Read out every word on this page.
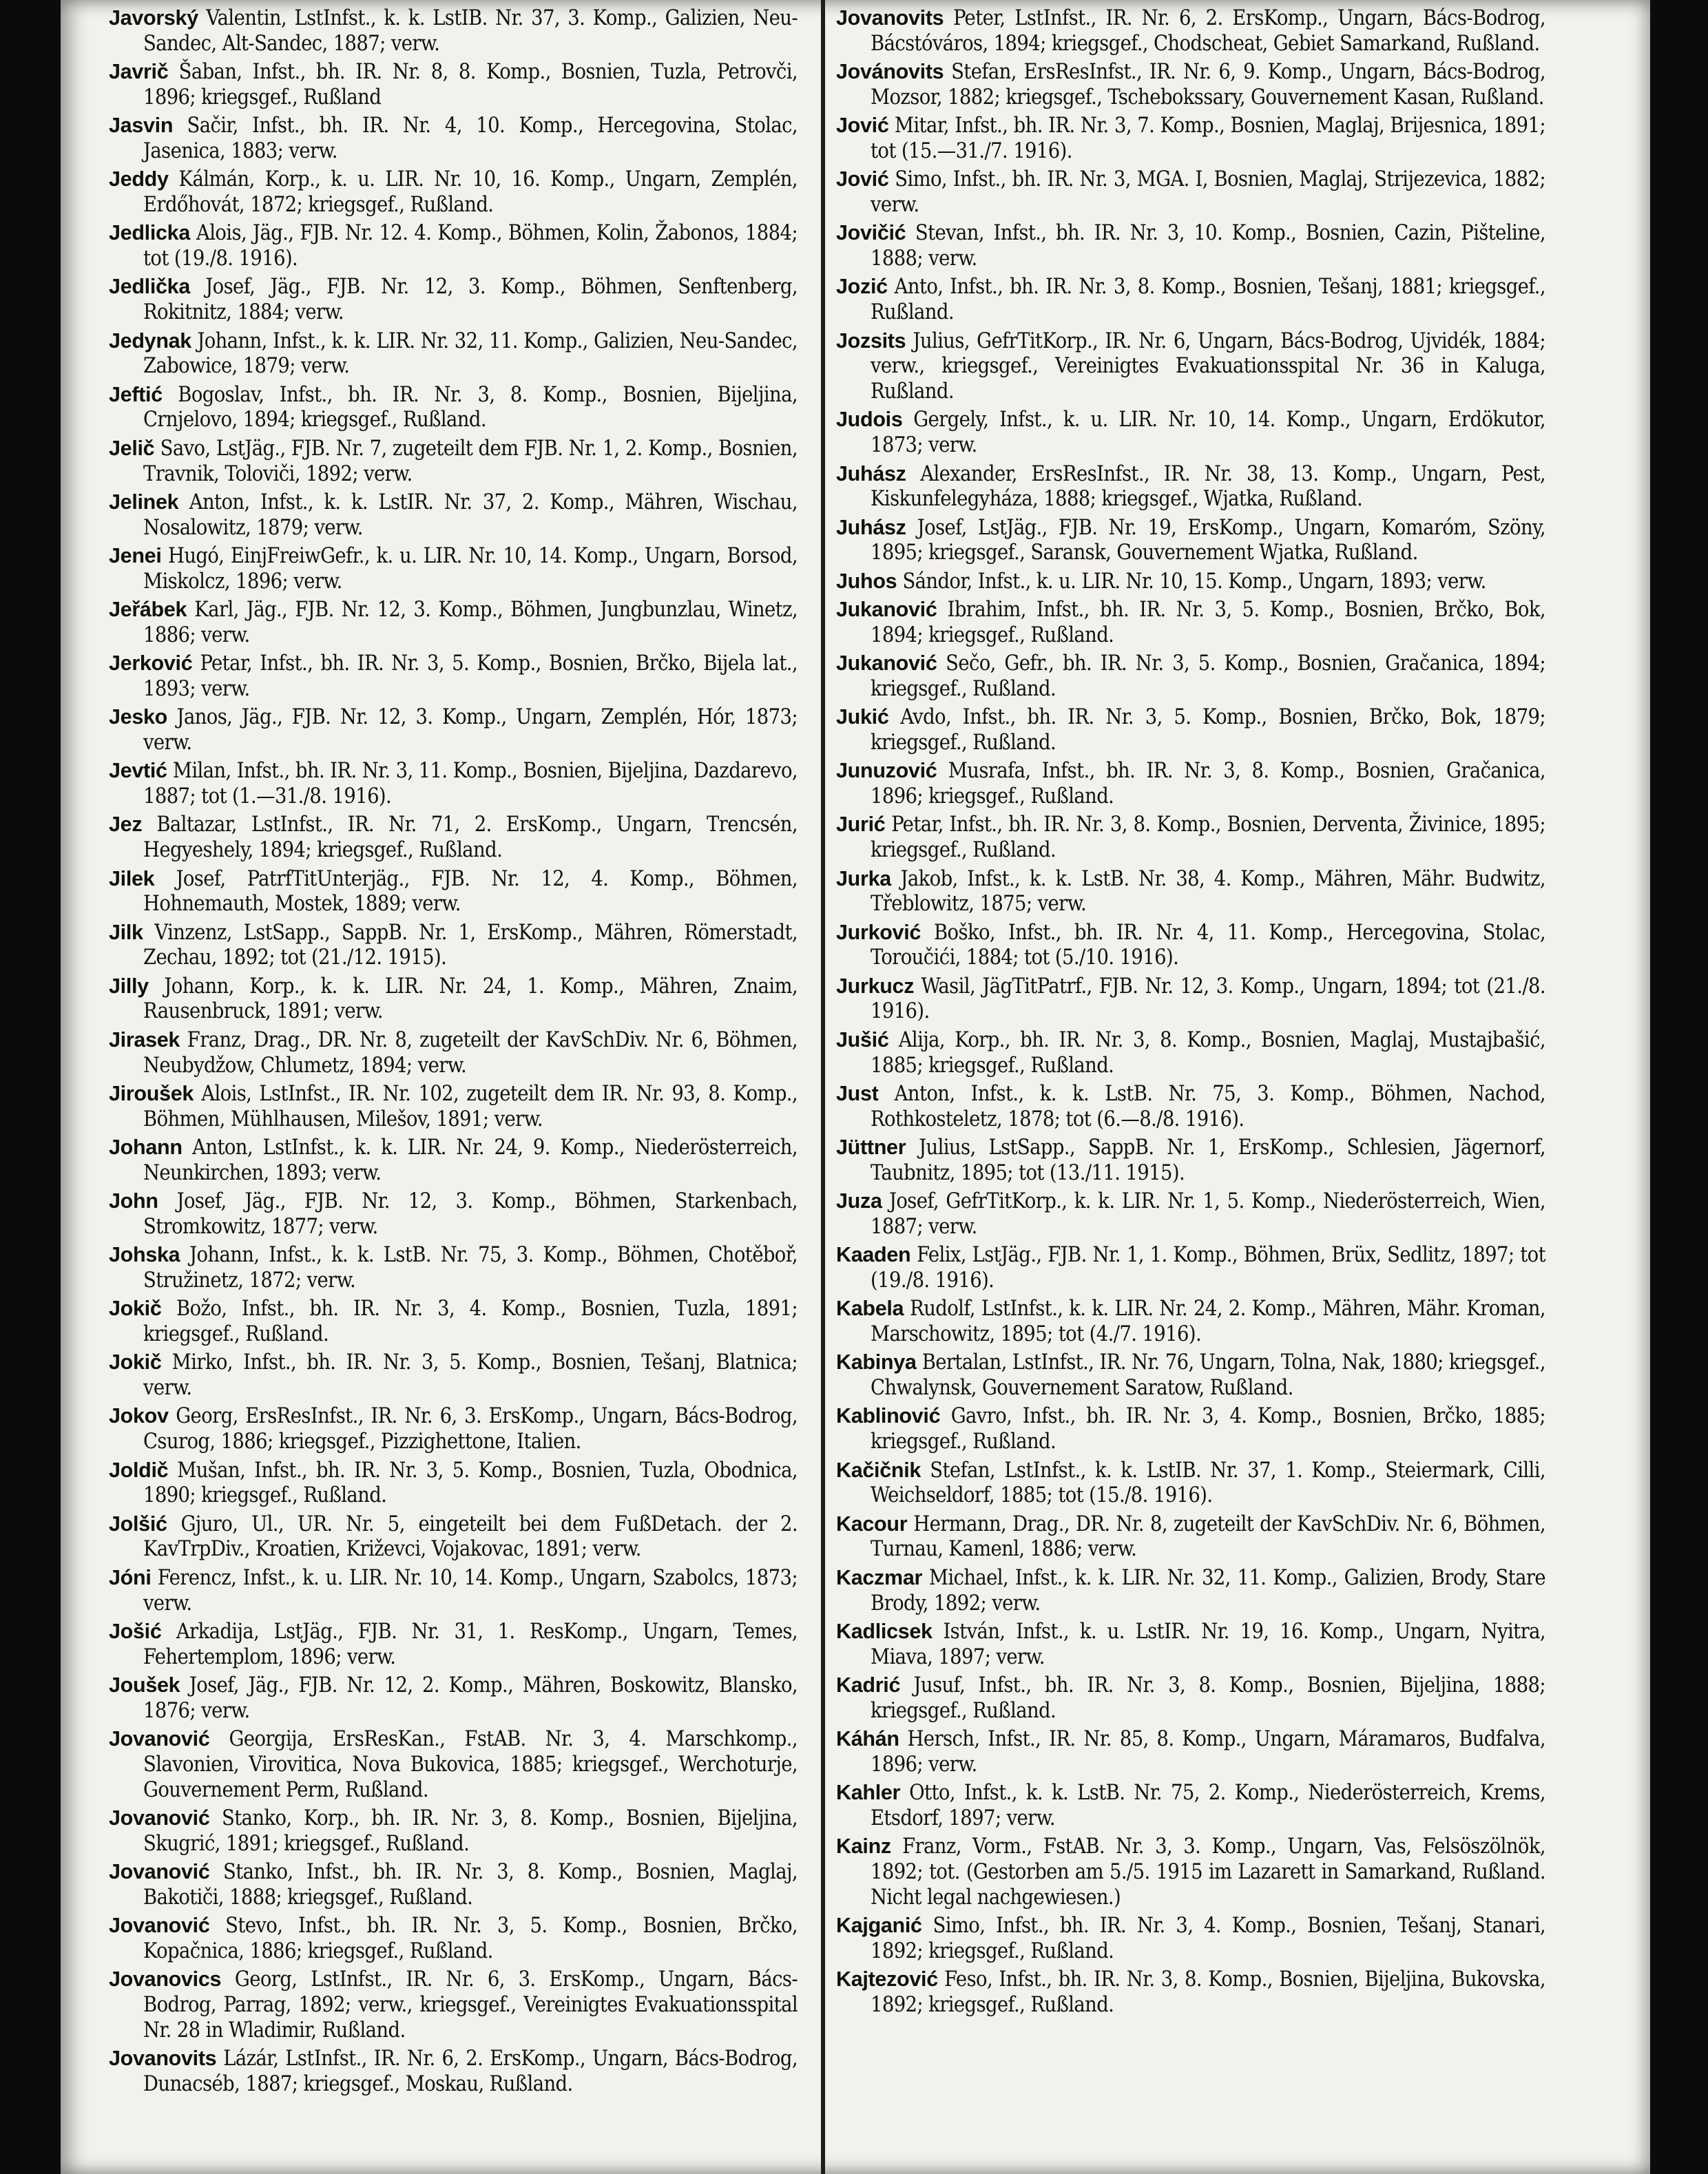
Javorský Valentin, LstInfst., k. k. LstIB. Nr. 37, 3. Komp., Galizien, Neu-Sandec, Alt-Sandec, 1887; verw.

Javrič Šaban, Infst., bh. IR. Nr. 8, 8. Komp., Bosnien, Tuzla, Petrovči, 1896; kriegsgef., Rußland

Jasvin Sačir, Infst., bh. IR. Nr. 4, 10. Komp., Hercegovina, Stolac, Jasenica, 1883; verw.

Jeddy Kálmán, Korp., k. u. LIR. Nr. 10, 16. Komp., Ungarn, Zemplén, Erdőhovát, 1872; kriegsgef., Rußland.

Jedlicka Alois, Jäg., FJB. Nr. 12. 4. Komp., Böhmen, Kolin, Žabonos, 1884; tot (19./8. 1916).

Jedlička Josef, Jäg., FJB. Nr. 12, 3. Komp., Böhmen, Senftenberg, Rokitnitz, 1884; verw.

Jedynak Johann, Infst., k. k. LIR. Nr. 32, 11. Komp., Galizien, Neu-Sandec, Zabowice, 1879; verw.

Jeftić Bogoslav, Infst., bh. IR. Nr. 3, 8. Komp., Bosnien, Bijeljina, Crnjelovo, 1894; kriegsgef., Rußland.

Jelič Savo, LstJäg., FJB. Nr. 7, zugeteilt dem FJB. Nr. 1, 2. Komp., Bosnien, Travnik, Toloviči, 1892; verw.

Jelinek Anton, Infst., k. k. LstIR. Nr. 37, 2. Komp., Mähren, Wischau, Nosalowitz, 1879; verw.

Jenei Hugó, EinjFreiwGefr., k. u. LIR. Nr. 10, 14. Komp., Ungarn, Borsod, Miskolcz, 1896; verw.

Jeřábek Karl, Jäg., FJB. Nr. 12, 3. Komp., Böhmen, Jungbunzlau, Winetz, 1886; verw.

Jerković Petar, Infst., bh. IR. Nr. 3, 5. Komp., Bosnien, Brčko, Bijela lat., 1893; verw.

Jesko Janos, Jäg., FJB. Nr. 12, 3. Komp., Ungarn, Zemplén, Hór, 1873; verw.

Jevtić Milan, Infst., bh. IR. Nr. 3, 11. Komp., Bosnien, Bijeljina, Dazdarevo, 1887; tot (1.—31./8. 1916).

Jez Baltazar, LstInfst., IR. Nr. 71, 2. ErsKomp., Ungarn, Trencsén, Hegyeshely, 1894; kriegsgef., Rußland.

Jilek Josef, PatrfTitUnterjäg., FJB. Nr. 12, 4. Komp., Böhmen, Hohnemauth, Mostek, 1889; verw.

Jilk Vinzenz, LstSapp., SappB. Nr. 1, ErsKomp., Mähren, Römerstadt, Zechau, 1892; tot (21./12. 1915).

Jilly Johann, Korp., k. k. LIR. Nr. 24, 1. Komp., Mähren, Znaim, Rausenbruck, 1891; verw.

Jirasek Franz, Drag., DR. Nr. 8, zugeteilt der KavSchDiv. Nr. 6, Böhmen, Neubydžow, Chlumetz, 1894; verw.

Jiroušek Alois, LstInfst., IR. Nr. 102, zugeteilt dem IR. Nr. 93, 8. Komp., Böhmen, Mühlhausen, Milešov, 1891; verw.

Johann Anton, LstInfst., k. k. LIR. Nr. 24, 9. Komp., Niederösterreich, Neunkirchen, 1893; verw.

John Josef, Jäg., FJB. Nr. 12, 3. Komp., Böhmen, Starkenbach, Stromkowitz, 1877; verw.

Johska Johann, Infst., k. k. LstB. Nr. 75, 3. Komp., Böhmen, Chotěboř, Stružinetz, 1872; verw.

Jokič Božo, Infst., bh. IR. Nr. 3, 4. Komp., Bosnien, Tuzla, 1891; kriegsgef., Rußland.

Jokič Mirko, Infst., bh. IR. Nr. 3, 5. Komp., Bosnien, Tešanj, Blatnica; verw.

Jokov Georg, ErsResInfst., IR. Nr. 6, 3. ErsKomp., Ungarn, Bács-Bodrog, Csurog, 1886; kriegsgef., Pizzighettone, Italien.

Joldič Mušan, Infst., bh. IR. Nr. 3, 5. Komp., Bosnien, Tuzla, Obodnica, 1890; kriegsgef., Rußland.

Jolšić Gjuro, Ul., UR. Nr. 5, eingeteilt bei dem FußDetach. der 2. KavTrpDiv., Kroatien, Križevci, Vojakovac, 1891; verw.

Jóni Ferencz, Infst., k. u. LIR. Nr. 10, 14. Komp., Ungarn, Szabolcs, 1873; verw.

Jošić Arkadija, LstJäg., FJB. Nr. 31, 1. ResKomp., Ungarn, Temes, Fehertemplom, 1896; verw.

Joušek Josef, Jäg., FJB. Nr. 12, 2. Komp., Mähren, Boskowitz, Blansko, 1876; verw.

Jovanović Georgija, ErsResKan., FstAB. Nr. 3, 4. Marschkomp., Slavonien, Virovitica, Nova Bukovica, 1885; kriegsgef., Werchoturje, Gouvernement Perm, Rußland.

Jovanović Stanko, Korp., bh. IR. Nr. 3, 8. Komp., Bosnien, Bijeljina, Skugrić, 1891; kriegsgef., Rußland.

Jovanović Stanko, Infst., bh. IR. Nr. 3, 8. Komp., Bosnien, Maglaj, Bakotiči, 1888; kriegsgef., Rußland.

Jovanović Stevo, Infst., bh. IR. Nr. 3, 5. Komp., Bosnien, Brčko, Kopačnica, 1886; kriegsgef., Rußland.

Jovanovics Georg, LstInfst., IR. Nr. 6, 3. ErsKomp., Ungarn, Bács-Bodrog, Parrag, 1892; verw., kriegsgef., Vereinigtes Evakuationsspital Nr. 28 in Wladimir, Rußland.

Jovanovits Lázár, LstInfst., IR. Nr. 6, 2. ErsKomp., Ungarn, Bács-Bodrog, Dunacséb, 1887; kriegsgef., Moskau, Rußland.

Jovanovits Peter, LstInfst., IR. Nr. 6, 2. ErsKomp., Ungarn, Bács-Bodrog, Bácstóváros, 1894; kriegsgef., Chodscheat, Gebiet Samarkand, Rußland.

Jovánovits Stefan, ErsResInfst., IR. Nr. 6, 9. Komp., Ungarn, Bács-Bodrog, Mozsor, 1882; kriegsgef., Tschebokssary, Gouvernement Kasan, Rußland.

Jović Mitar, Infst., bh. IR. Nr. 3, 7. Komp., Bosnien, Maglaj, Brijesnica, 1891; tot (15.—31./7. 1916).

Jović Simo, Infst., bh. IR. Nr. 3, MGA. I, Bosnien, Maglaj, Strijezevica, 1882; verw.

Jovičić Stevan, Infst., bh. IR. Nr. 3, 10. Komp., Bosnien, Cazin, Pišteline, 1888; verw.

Jozić Anto, Infst., bh. IR. Nr. 3, 8. Komp., Bosnien, Tešanj, 1881; kriegsgef., Rußland.

Jozsits Julius, GefrTitKorp., IR. Nr. 6, Ungarn, Bács-Bodrog, Ujvidék, 1884; verw., kriegsgef., Vereinigtes Evakuationsspital Nr. 36 in Kaluga, Rußland.

Judois Gergely, Infst., k. u. LIR. Nr. 10, 14. Komp., Ungarn, Erdökutor, 1873; verw.

Juhász Alexander, ErsResInfst., IR. Nr. 38, 13. Komp., Ungarn, Pest, Kiskunfelegyháza, 1888; kriegsgef., Wjatka, Rußland.

Juhász Josef, LstJäg., FJB. Nr. 19, ErsKomp., Ungarn, Komaróm, Szöny, 1895; kriegsgef., Saransk, Gouvernement Wjatka, Rußland.

Juhos Sándor, Infst., k. u. LIR. Nr. 10, 15. Komp., Ungarn, 1893; verw.

Jukanović Ibrahim, Infst., bh. IR. Nr. 3, 5. Komp., Bosnien, Brčko, Bok, 1894; kriegsgef., Rußland.

Jukanović Sečo, Gefr., bh. IR. Nr. 3, 5. Komp., Bosnien, Gračanica, 1894; kriegsgef., Rußland.

Jukić Avdo, Infst., bh. IR. Nr. 3, 5. Komp., Bosnien, Brčko, Bok, 1879; kriegsgef., Rußland.

Junuzović Musrafa, Infst., bh. IR. Nr. 3, 8. Komp., Bosnien, Gračanica, 1896; kriegsgef., Rußland.

Jurić Petar, Infst., bh. IR. Nr. 3, 8. Komp., Bosnien, Derventa, Živinice, 1895; kriegsgef., Rußland.

Jurka Jakob, Infst., k. k. LstB. Nr. 38, 4. Komp., Mähren, Mähr. Budwitz, Třeblowitz, 1875; verw.

Jurković Boško, Infst., bh. IR. Nr. 4, 11. Komp., Hercegovina, Stolac, Toroučići, 1884; tot (5./10. 1916).

Jurkucz Wasil, JägTitPatrf., FJB. Nr. 12, 3. Komp., Ungarn, 1894; tot (21./8. 1916).

Jušić Alija, Korp., bh. IR. Nr. 3, 8. Komp., Bosnien, Maglaj, Mustajbašić, 1885; kriegsgef., Rußland.

Just Anton, Infst., k. k. LstB. Nr. 75, 3. Komp., Böhmen, Nachod, Rothkosteletz, 1878; tot (6.—8./8. 1916).

Jüttner Julius, LstSapp., SappB. Nr. 1, ErsKomp., Schlesien, Jägernorf, Taubnitz, 1895; tot (13./11. 1915).

Juza Josef, GefrTitKorp., k. k. LIR. Nr. 1, 5. Komp., Niederösterreich, Wien, 1887; verw.

Kaaden Felix, LstJäg., FJB. Nr. 1, 1. Komp., Böhmen, Brüx, Sedlitz, 1897; tot (19./8. 1916).

Kabela Rudolf, LstInfst., k. k. LIR. Nr. 24, 2. Komp., Mähren, Mähr. Kroman, Marschowitz, 1895; tot (4./7. 1916).

Kabinya Bertalan, LstInfst., IR. Nr. 76, Ungarn, Tolna, Nak, 1880; kriegsgef., Chwalynsk, Gouvernement Saratow, Rußland.

Kablinović Gavro, Infst., bh. IR. Nr. 3, 4. Komp., Bosnien, Brčko, 1885; kriegsgef., Rußland.

Kačičnik Stefan, LstInfst., k. k. LstIB. Nr. 37, 1. Komp., Steiermark, Cilli, Weichseldorf, 1885; tot (15./8. 1916).

Kacour Hermann, Drag., DR. Nr. 8, zugeteilt der KavSchDiv. Nr. 6, Böhmen, Turnau, Kamenl, 1886; verw.

Kaczmar Michael, Infst., k. k. LIR. Nr. 32, 11. Komp., Galizien, Brody, Stare Brody, 1892; verw.

Kadlicsek István, Infst., k. u. LstIR. Nr. 19, 16. Komp., Ungarn, Nyitra, Miava, 1897; verw.

Kadrić Jusuf, Infst., bh. IR. Nr. 3, 8. Komp., Bosnien, Bijeljina, 1888; kriegsgef., Rußland.

Káhán Hersch, Infst., IR. Nr. 85, 8. Komp., Ungarn, Máramaros, Budfalva, 1896; verw.

Kahler Otto, Infst., k. k. LstB. Nr. 75, 2. Komp., Niederösterreich, Krems, Etsdorf, 1897; verw.

Kainz Franz, Vorm., FstAB. Nr. 3, 3. Komp., Ungarn, Vas, Felsöszölnök, 1892; tot. (Gestorben am 5./5. 1915 im Lazarett in Samarkand, Rußland. Nicht legal nachgewiesen.)

Kajganić Simo, Infst., bh. IR. Nr. 3, 4. Komp., Bosnien, Tešanj, Stanari, 1892; kriegsgef., Rußland.

Kajtezović Feso, Infst., bh. IR. Nr. 3, 8. Komp., Bosnien, Bijeljina, Bukovska, 1892; kriegsgef., Rußland.
